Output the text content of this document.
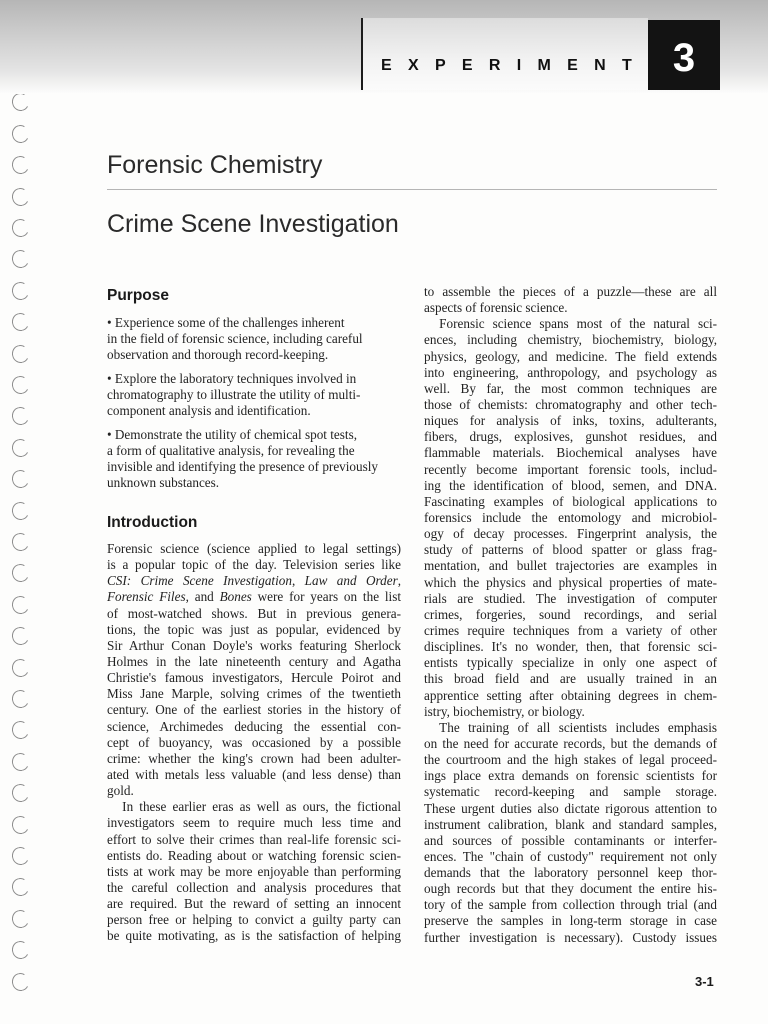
EXPERIMENT 3
Forensic Chemistry
Crime Scene Investigation
Purpose
• Experience some of the challenges inherent
in the field of forensic science, including careful
observation and thorough record-keeping.
• Explore the laboratory techniques involved in
chromatography to illustrate the utility of multi-
component analysis and identification.
• Demonstrate the utility of chemical spot tests,
a form of qualitative analysis, for revealing the
invisible and identifying the presence of previously
unknown substances.
Introduction
Forensic science (science applied to legal settings)
is a popular topic of the day. Television series like
CSI: Crime Scene Investigation, Law and Order,
Forensic Files, and Bones were for years on the list
of most-watched shows. But in previous genera-
tions, the topic was just as popular, evidenced by
Sir Arthur Conan Doyle's works featuring Sherlock
Holmes in the late nineteenth century and Agatha
Christie's famous investigators, Hercule Poirot and
Miss Jane Marple, solving crimes of the twentieth
century. One of the earliest stories in the history of
science, Archimedes deducing the essential con-
cept of buoyancy, was occasioned by a possible
crime: whether the king's crown had been adulter-
ated with metals less valuable (and less dense) than
gold.
In these earlier eras as well as ours, the fictional
investigators seem to require much less time and
effort to solve their crimes than real-life forensic sci-
entists do. Reading about or watching forensic scien-
tists at work may be more enjoyable than performing
the careful collection and analysis procedures that
are required. But the reward of setting an innocent
person free or helping to convict a guilty party can
be quite motivating, as is the satisfaction of helping
to assemble the pieces of a puzzle—these are all
aspects of forensic science.
Forensic science spans most of the natural sci-
ences, including chemistry, biochemistry, biology,
physics, geology, and medicine. The field extends
into engineering, anthropology, and psychology as
well. By far, the most common techniques are
those of chemists: chromatography and other tech-
niques for analysis of inks, toxins, adulterants,
fibers, drugs, explosives, gunshot residues, and
flammable materials. Biochemical analyses have
recently become important forensic tools, includ-
ing the identification of blood, semen, and DNA.
Fascinating examples of biological applications to
forensics include the entomology and microbiol-
ogy of decay processes. Fingerprint analysis, the
study of patterns of blood spatter or glass frag-
mentation, and bullet trajectories are examples in
which the physics and physical properties of mate-
rials are studied. The investigation of computer
crimes, forgeries, sound recordings, and serial
crimes require techniques from a variety of other
disciplines. It's no wonder, then, that forensic sci-
entists typically specialize in only one aspect of
this broad field and are usually trained in an
apprentice setting after obtaining degrees in chem-
istry, biochemistry, or biology.
The training of all scientists includes emphasis
on the need for accurate records, but the demands of
the courtroom and the high stakes of legal proceed-
ings place extra demands on forensic scientists for
systematic record-keeping and sample storage.
These urgent duties also dictate rigorous attention to
instrument calibration, blank and standard samples,
and sources of possible contaminants or interfer-
ences. The "chain of custody" requirement not only
demands that the laboratory personnel keep thor-
ough records but that they document the entire his-
tory of the sample from collection through trial (and
preserve the samples in long-term storage in case
further investigation is necessary). Custody issues
3-1
